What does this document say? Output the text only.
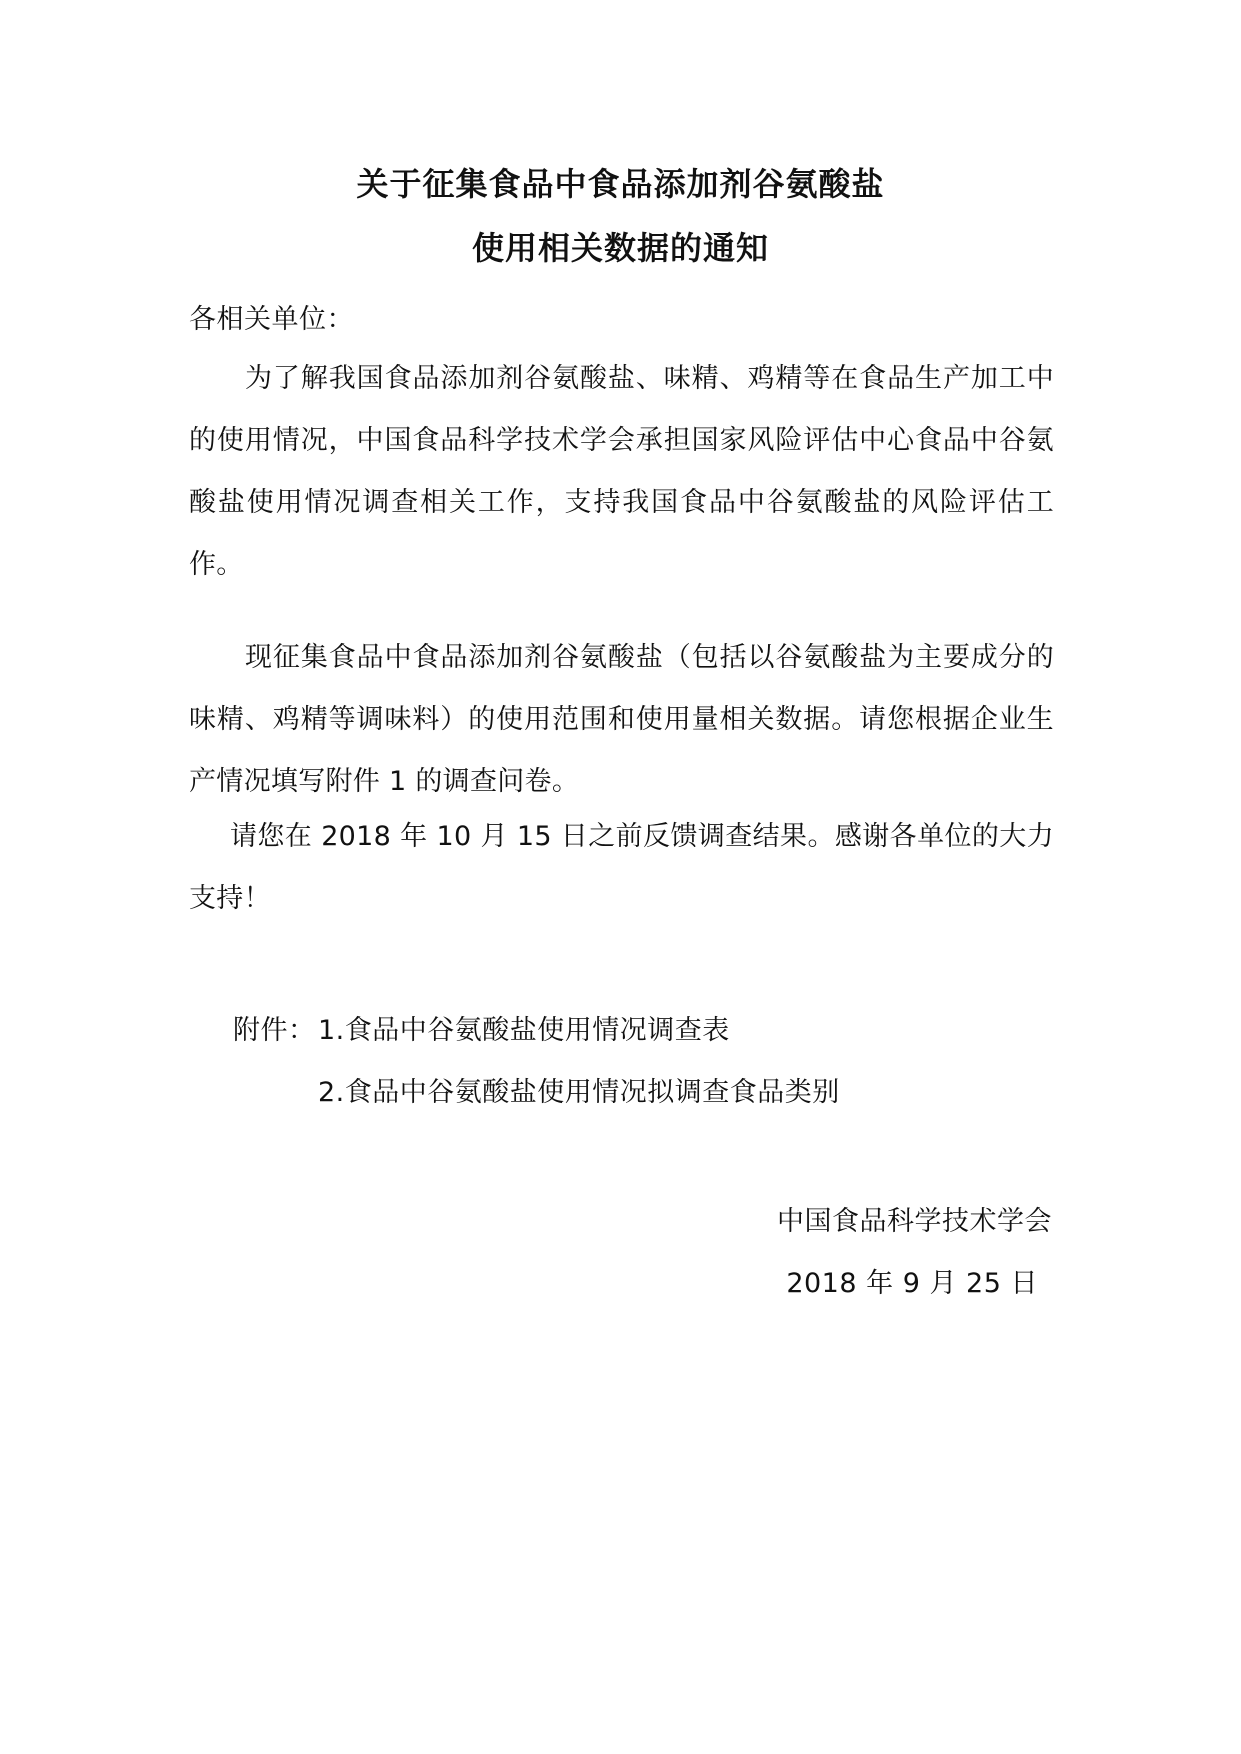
关于征集食品中食品添加剂谷氨酸盐
使用相关数据的通知
各相关单位：
为了解我国食品添加剂谷氨酸盐、味精、鸡精等在食品生产加工中的使用情况，中国食品科学技术学会承担国家风险评估中心食品中谷氨酸盐使用情况调查相关工作，支持我国食品中谷氨酸盐的风险评估工作。
现征集食品中食品添加剂谷氨酸盐（包括以谷氨酸盐为主要成分的味精、鸡精等调味料）的使用范围和使用量相关数据。请您根据企业生产情况填写附件 1 的调查问卷。
请您在 2018 年 10 月 15 日之前反馈调查结果。感谢各单位的大力支持！
附件： 1.食品中谷氨酸盐使用情况调查表
2.食品中谷氨酸盐使用情况拟调查食品类别
中国食品科学技术学会
2018 年 9 月 25 日
